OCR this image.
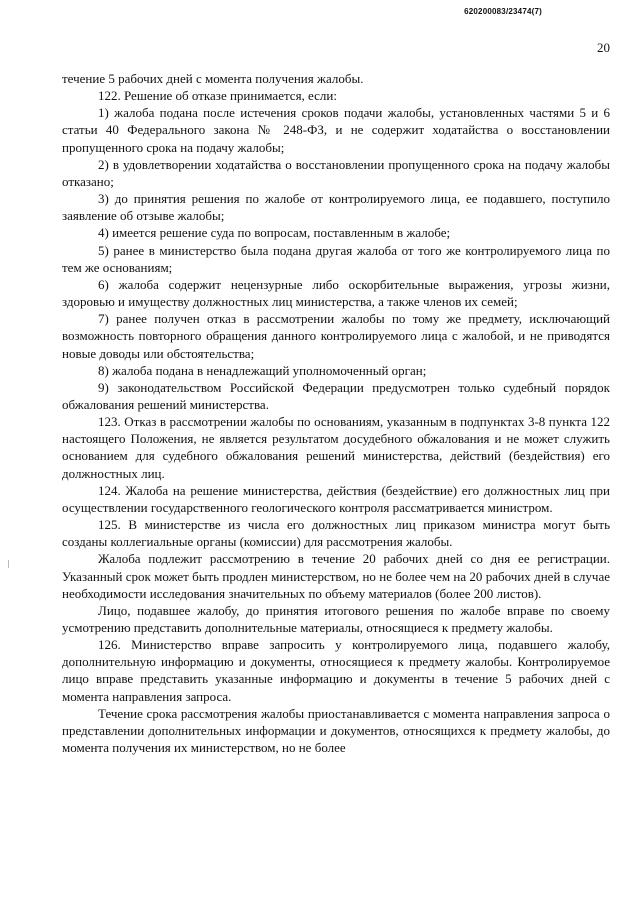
620200083/23474(7)
20

течение 5 рабочих дней с момента получения жалобы.

122. Решение об отказе принимается, если:

1) жалоба подана после истечения сроков подачи жалобы, установленных частями 5 и 6 статьи 40 Федерального закона № 248-ФЗ, и не содержит ходатайства о восстановлении пропущенного срока на подачу жалобы;

2) в удовлетворении ходатайства о восстановлении пропущенного срока на подачу жалобы отказано;

3) до принятия решения по жалобе от контролируемого лица, ее подавшего, поступило заявление об отзыве жалобы;

4) имеется решение суда по вопросам, поставленным в жалобе;

5) ранее в министерство была подана другая жалоба от того же контролируемого лица по тем же основаниям;

6) жалоба содержит нецензурные либо оскорбительные выражения, угрозы жизни, здоровью и имуществу должностных лиц министерства, а также членов их семей;

7) ранее получен отказ в рассмотрении жалобы по тому же предмету, исключающий возможность повторного обращения данного контролируемого лица с жалобой, и не приводятся новые доводы или обстоятельства;

8) жалоба подана в ненадлежащий уполномоченный орган;

9) законодательством Российской Федерации предусмотрен только судебный порядок обжалования решений министерства.

123. Отказ в рассмотрении жалобы по основаниям, указанным в подпунктах 3-8 пункта 122 настоящего Положения, не является результатом досудебного обжалования и не может служить основанием для судебного обжалования решений министерства, действий (бездействия) его должностных лиц.

124. Жалоба на решение министерства, действия (бездействие) его должностных лиц при осуществлении государственного геологического контроля рассматривается министром.

125. В министерстве из числа его должностных лиц приказом министра могут быть созданы коллегиальные органы (комиссии) для рассмотрения жалобы.

Жалоба подлежит рассмотрению в течение 20 рабочих дней со дня ее регистрации. Указанный срок может быть продлен министерством, но не более чем на 20 рабочих дней в случае необходимости исследования значительных по объему материалов (более 200 листов).

Лицо, подавшее жалобу, до принятия итогового решения по жалобе вправе по своему усмотрению представить дополнительные материалы, относящиеся к предмету жалобы.

126. Министерство вправе запросить у контролируемого лица, подавшего жалобу, дополнительную информацию и документы, относящиеся к предмету жалобы. Контролируемое лицо вправе представить указанные информацию и документы в течение 5 рабочих дней с момента направления запроса.

Течение срока рассмотрения жалобы приостанавливается с момента направления запроса о представлении дополнительных информации и документов, относящихся к предмету жалобы, до момента получения их министерством, но не более
